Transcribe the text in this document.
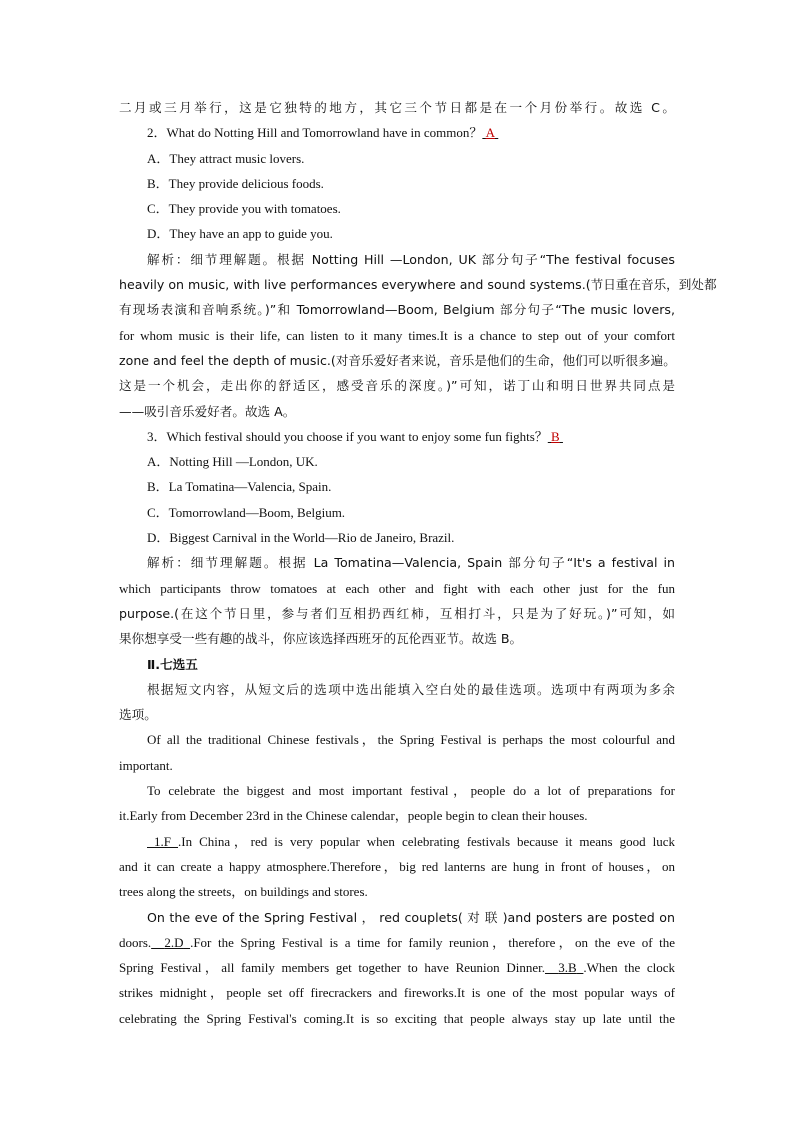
二月或三月举行，这是它独特的地方，其它三个节日都是在一个月份举行。故选 C。

2．What do Notting Hill and Tomorrowland have in common？ A

A．They attract music lovers.

B．They provide delicious foods.

C．They provide you with tomatoes.

D．They have an app to guide you.

解析：细节理解题。根据 Notting Hill —London, UK 部分句子“The festival focuses

heavily on music, with live performances everywhere and sound systems.(节日重在音乐，到处都

有现场表演和音响系统。)”和 Tomorrowland—Boom, Belgium 部分句子“The music lovers,

for whom music is their life, can listen to it many times.It is a chance to step out of your comfort

zone and feel the depth of music.(对音乐爱好者来说，音乐是他们的生命，他们可以听很多遍。

这是一个机会，走出你的舒适区，感受音乐的深度。)”可知，诺丁山和明日世界共同点是

——吸引音乐爱好者。故选 A。

3．Which festival should you choose if you want to enjoy some fun fights？ B

A．Notting Hill —London, UK.

B．La Tomatina—Valencia, Spain.

C．Tomorrowland—Boom, Belgium.

D．Biggest Carnival in the World—Rio de Janeiro, Brazil.

解析：细节理解题。根据 La Tomatina—Valencia, Spain 部分句子“It's a festival in

which participants throw tomatoes at each other and fight with each other just for the fun

purpose.(在这个节日里，参与者们互相扔西红柿，互相打斗，只是为了好玩。)”可知，如

果你想享受一些有趣的战斗，你应该选择西班牙的瓦伦西亚节。故选 B。

Ⅱ.七选五

根据短文内容，从短文后的选项中选出能填入空白处的最佳选项。选项中有两项为多余

选项。

Of all the traditional Chinese festivals，the Spring Festival is perhaps the most colourful and

important.

To celebrate the biggest and most important festival，people do a lot of preparations for

it.Early from December 23rd in the Chinese calendar，people begin to clean their houses.

1.F .In China，red is very popular when celebrating festivals because it means good luck

and it can create a happy atmosphere.Therefore，big red lanterns are hung in front of houses，on

trees along the streets，on buildings and stores.

On the eve of the Spring Festival ， red couplets( 对 联 )and posters are posted on

doors. 2.D .For the Spring Festival is a time for family reunion，therefore，on the eve of the

Spring Festival，all family members get together to have Reunion Dinner. 3.B .When the clock

strikes midnight，people set off firecrackers and fireworks.It is one of the most popular ways of

celebrating the Spring Festival's coming.It is so exciting that people always stay up late until the
